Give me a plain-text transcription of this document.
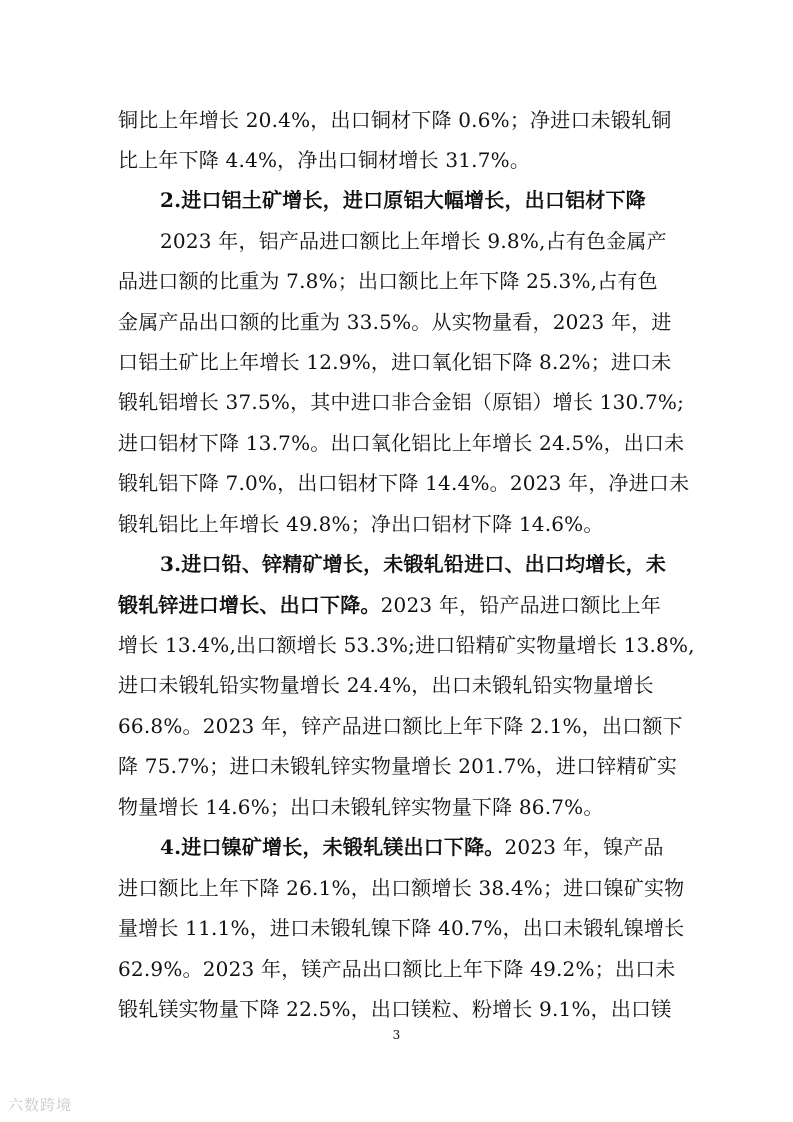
铜比上年增长 20.4%，出口铜材下降 0.6%；净进口未锻轧铜
比上年下降 4.4%，净出口铜材增长 31.7%。
2.进口铝土矿增长，进口原铝大幅增长，出口铝材下降
2023 年，铝产品进口额比上年增长 9.8%,占有色金属产
品进口额的比重为 7.8%；出口额比上年下降 25.3%,占有色
金属产品出口额的比重为 33.5%。从实物量看，2023 年，进
口铝土矿比上年增长 12.9%，进口氧化铝下降 8.2%；进口未
锻轧铝增长 37.5%，其中进口非合金铝（原铝）增长 130.7%;
进口铝材下降 13.7%。出口氧化铝比上年增长 24.5%，出口未
锻轧铝下降 7.0%，出口铝材下降 14.4%。2023 年，净进口未
锻轧铝比上年增长 49.8%；净出口铝材下降 14.6%。
3.进口铅、锌精矿增长，未锻轧铅进口、出口均增长，未
锻轧锌进口增长、出口下降。2023 年，铅产品进口额比上年
增长 13.4%,出口额增长 53.3%;进口铅精矿实物量增长 13.8%,
进口未锻轧铅实物量增长 24.4%，出口未锻轧铅实物量增长
66.8%。2023 年，锌产品进口额比上年下降 2.1%，出口额下
降 75.7%；进口未锻轧锌实物量增长 201.7%，进口锌精矿实
物量增长 14.6%；出口未锻轧锌实物量下降 86.7%。
4.进口镍矿增长，未锻轧镁出口下降。2023 年，镍产品
进口额比上年下降 26.1%，出口额增长 38.4%；进口镍矿实物
量增长 11.1%，进口未锻轧镍下降 40.7%，出口未锻轧镍增长
62.9%。2023 年，镁产品出口额比上年下降 49.2%；出口未
锻轧镁实物量下降 22.5%，出口镁粒、粉增长 9.1%，出口镁
3
六数跨境
